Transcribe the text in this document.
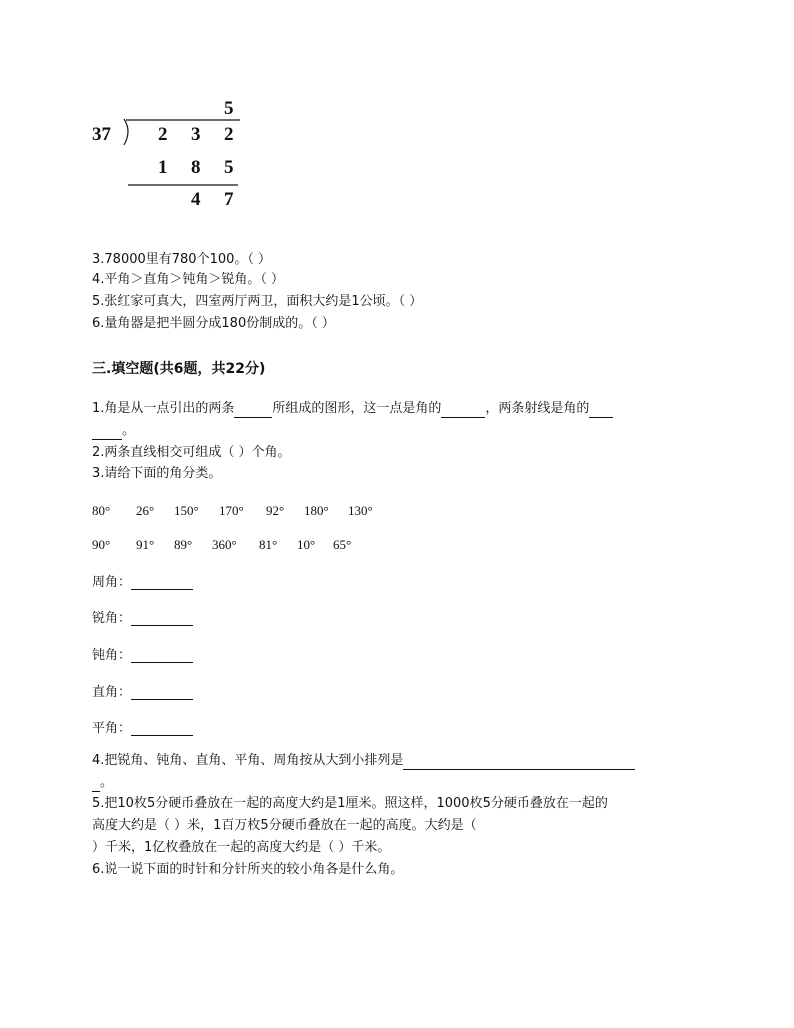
5
37 2 3 2
1 8 5
4 7
3.78000里有780个100。（ ）
4.平角＞直角＞钝角＞锐角。（ ）
5.张红家可真大，四室两厅两卫，面积大约是1公顷。（ ）
6.量角器是把半圆分成180份制成的。（ ）
三.填空题(共6题，共22分)
1.角是从一点引出的两条	所组成的图形，这一点是角的	，两条射线是角的
。
2.两条直线相交可组成（ ）个角。
3.请给下面的角分类。
80° 26° 150° 170° 92° 180° 130°
90° 91° 89° 360° 81° 10° 65°
周角：
锐角：
钝角：
直角：
平角：
4.把锐角、钝角、直角、平角、周角按从大到小排列是
。
5.把10枚5分硬币叠放在一起的高度大约是1厘米。照这样，1000枚5分硬币叠放在一起的
高度大约是（ ）米，1百万枚5分硬币叠放在一起的高度。大约是（
）千米，1亿枚叠放在一起的高度大约是（ ）千米。
6.说一说下面的时针和分针所夹的较小角各是什么角。
